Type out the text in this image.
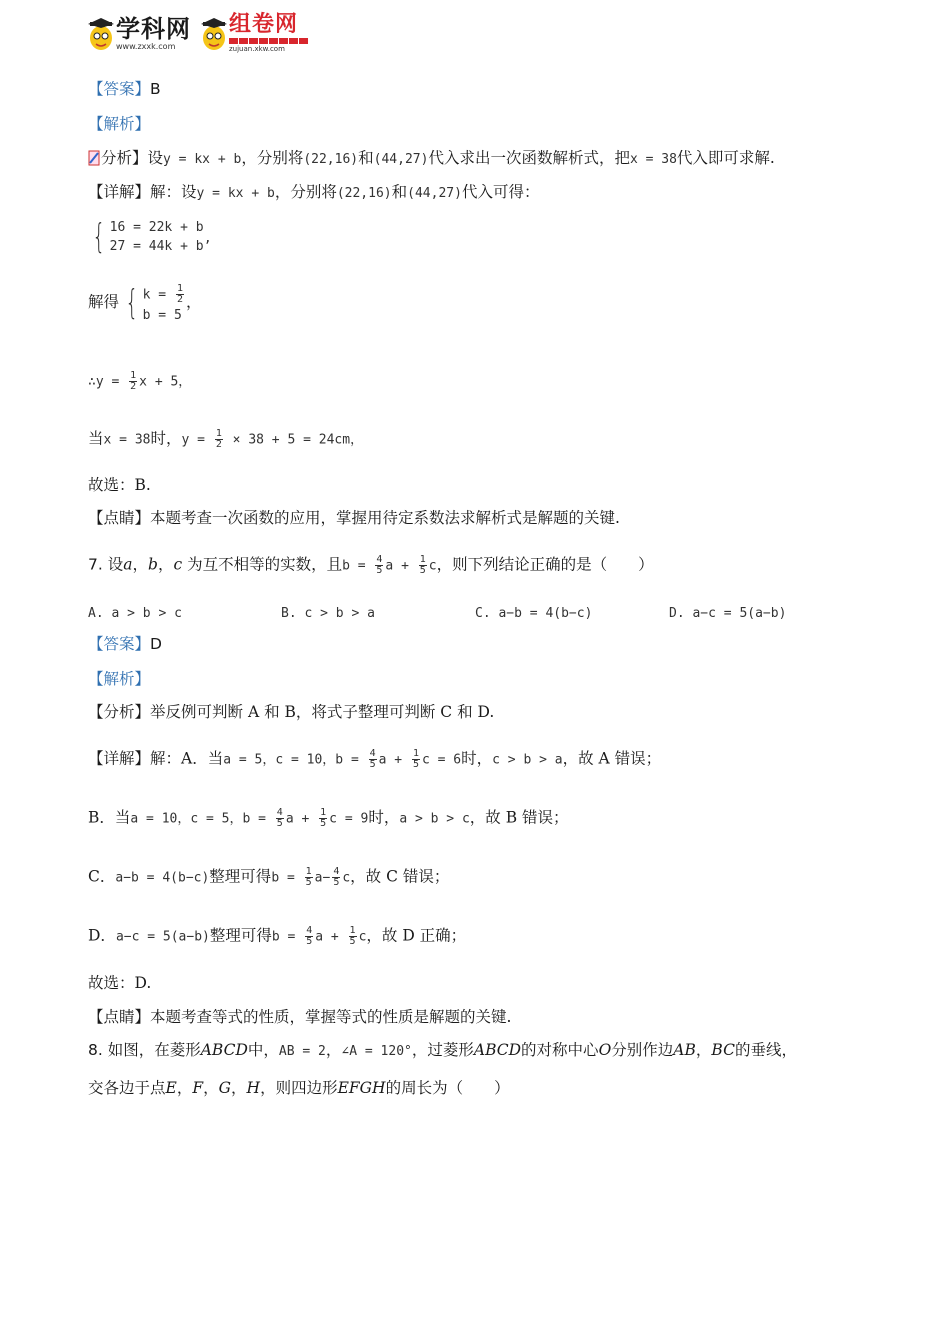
学科网
www.zxxk.com
组卷网
zujuan.xkw.com
【答案】B
【解析】
分析】设y = kx + b，分别将(22,16)和(44,27)代入求出一次函数解析式，把x = 38代入即可求解.
【详解】解：设y = kx + b，分别将(22,16)和(44,27)代入可得：
{ 16 = 22k + b
27 = 44k + b’
解得 { $k = \frac{1}{2}$
b = 5
，
∴y = $\frac{1}{2}$ x + 5，
当x = 38时，$y = \frac{1}{2} \times 38 + 5 = 24cm$，
故选：B.
【点睛】本题考查一次函数的应用，掌握用待定系数法求解析式是解题的关键.
7. 设a，b，c 为互不相等的实数，且$b = \frac{4}{5}$ $a + \frac{1}{5}$ c，则下列结论正确的是（　　）
A. a > b > c	B. c > b > a	C. a−b = 4(b−c)	D. a−c = 5(a−b)
【答案】D
【解析】
【分析】举反例可判断 A 和 B，将式子整理可判断 C 和 D.
【详解】解：A．当a = 5，c = 10，$b = \frac{4}{5}$ $a + \frac{1}{5}$ c = 6时，c > b > a，故 A 错误；
B．当a = 10，c = 5，$b = \frac{4}{5}$ $a + \frac{1}{5}$ c = 9时，a > b > c，故 B 错误；
C．a−b = 4(b−c)整理可得$b = \frac{1}{5} a- \frac{4}{5}$ c，故 C 错误；
D．a−c = 5(a−b)整理可得$b = \frac{4}{5}$ $a + \frac{1}{5}$ c，故 D 正确；
故选：D.
【点睛】本题考查等式的性质，掌握等式的性质是解题的关键.
8. 如图，在菱形ABCD中，AB = 2，∠A = 120°，过菱形ABCD的对称中心O分别作边AB，BC的垂线，
交各边于点E，F，G，H，则四边形EFGH的周长为（　　）
